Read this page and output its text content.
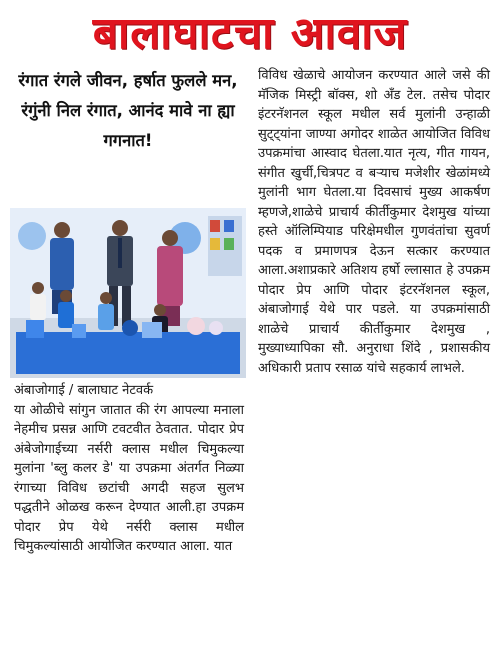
बालाघाटचा आवाज
रंगात रंगले जीवन, हर्षात फुलले मन, रंगुंनी निल रंगात, आनंद मावे ना ह्या गगनात!

अंबाजोगाई / बालाघाट नेटवर्क

या ओळीचे सांगुन जातात की रंग आपल्या मनाला नेहमीच प्रसन्न आणि टवटवीत ठेवतात. पोदार प्रेप अंबेजोगाईच्या नर्सरी क्लास मधील चिमुकल्या मुलांना 'ब्लु कलर डे' या उपक्रमा अंतर्गत निळ्या रंगाच्या विविध छटांची अगदी सहज सुलभ पद्धतीने ओळख करून देण्यात आली.हा उपक्रम पोदार प्रेप येथे नर्सरी क्लास मधील चिमुकल्यांसाठी आयोजित करण्यात आला. यात

विविध खेळाचे आयोजन करण्यात आले जसे की मॅजिक मिस्ट्री बॉक्स, शो अँड टेल. तसेच पोदार इंटरनॅशनल स्कूल मधील सर्व मुलांनी उन्हाळी सुट्ट्यांना जाण्या अगोदर शाळेत आयोजित विविध उपक्रमांचा आस्वाद घेतला.यात नृत्य, गीत गायन, संगीत खुर्ची,चित्रपट व बऱ्याच मजेशीर खेळांमध्ये मुलांनी भाग घेतला.या दिवसाचं मुख्य आकर्षण म्हणजे,शाळेचे प्राचार्य कीर्तीकुमार देशमुख यांच्या हस्ते ऑलिम्पियाड परिक्षेमधील गुणवंतांचा सुवर्ण पदक व प्रमाणपत्र देऊन सत्कार करण्यात आला.अशाप्रकारे अतिशय हर्षो ल्लासात हे उपक्रम पोदार प्रेप आणि पोदार इंटरनॅशनल स्कूल, अंबाजोगाई येथे पार पडले. या उपक्रमांसाठी शाळेचे प्राचार्य कीर्तीकुमार देशमुख , मुख्याध्यापिका सौ. अनुराधा शिंदे , प्रशासकीय अधिकारी प्रताप रसाळ यांचे सहकार्य लाभले.
